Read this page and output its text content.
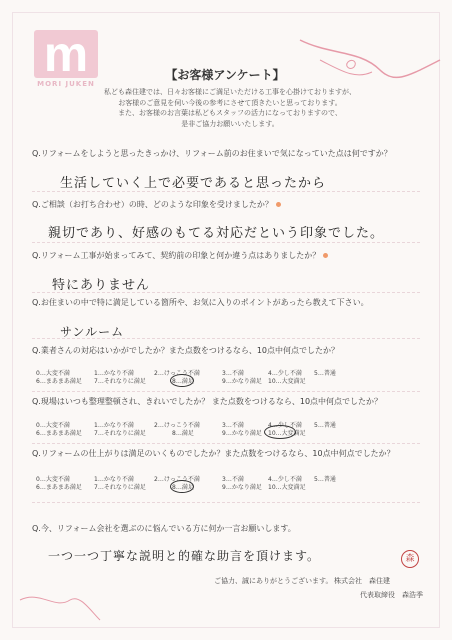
m
MORI JUKEN
【お客様アンケート】
私ども森住建では、日々お客様にご満足いただける工事を心掛けておりますが、
お客様のご意見を伺い今後の参考にさせて頂きたいと思っております。
また、お客様のお言葉は私どもスタッフの活力になっておりますので、
是非ご協力お願いいたします。
Q.リフォームをしようと思ったきっかけ、リフォーム前のお住まいで気になっていた点は何ですか？
生活していく上で必要であると思ったから
Q.ご相談（お打ち合わせ）の時、どのような印象を受けましたか？
親切であり、好感のもてる対応だという印象でした。
Q.リフォーム工事が始まってみて、契約前の印象と何か違う点はありましたか？
特にありません
Q.お住まいの中で特に満足している箇所や、お気に入りのポイントがあったら教えて下さい。
サンルーム
Q.業者さんの対応はいかがでしたか？また点数をつけるなら、10点中何点でしたか？
0…大変不満	1…かなり不満	2…けっこう不満	3…不満	4…少し不満 5…普通
6…まあまあ満足 7…それなりに満足	8…満足	9…かなり満足 10…大変満足
Q.現場はいつも整理整頓され、きれいでしたか？ また点数をつけるなら、10点中何点でしたか？
0…大変不満	1…かなり不満	2…けっこう不満	3…不満	4…少し不満 5…普通
6…まあまあ満足 7…それなりに満足	8…満足	9…かなり満足 10…大変満足
Q.リフォームの仕上がりは満足のいくものでしたか？また点数をつけるなら、10点中何点でしたか？
0…大変不満	1…かなり不満	2…けっこう不満	3…不満	4…少し不満 5…普通
6…まあまあ満足 7…それなりに満足	8…満足	9…かなり満足 10…大変満足
Q.今、リフォーム会社を選ぶのに悩んでいる方に何か一言お願いします。
一つ一つ丁寧な説明と的確な助言を頂けます。	森
ご協力、誠にありがとうございます。 株式会社　森住建
代表取締役　森浩季
